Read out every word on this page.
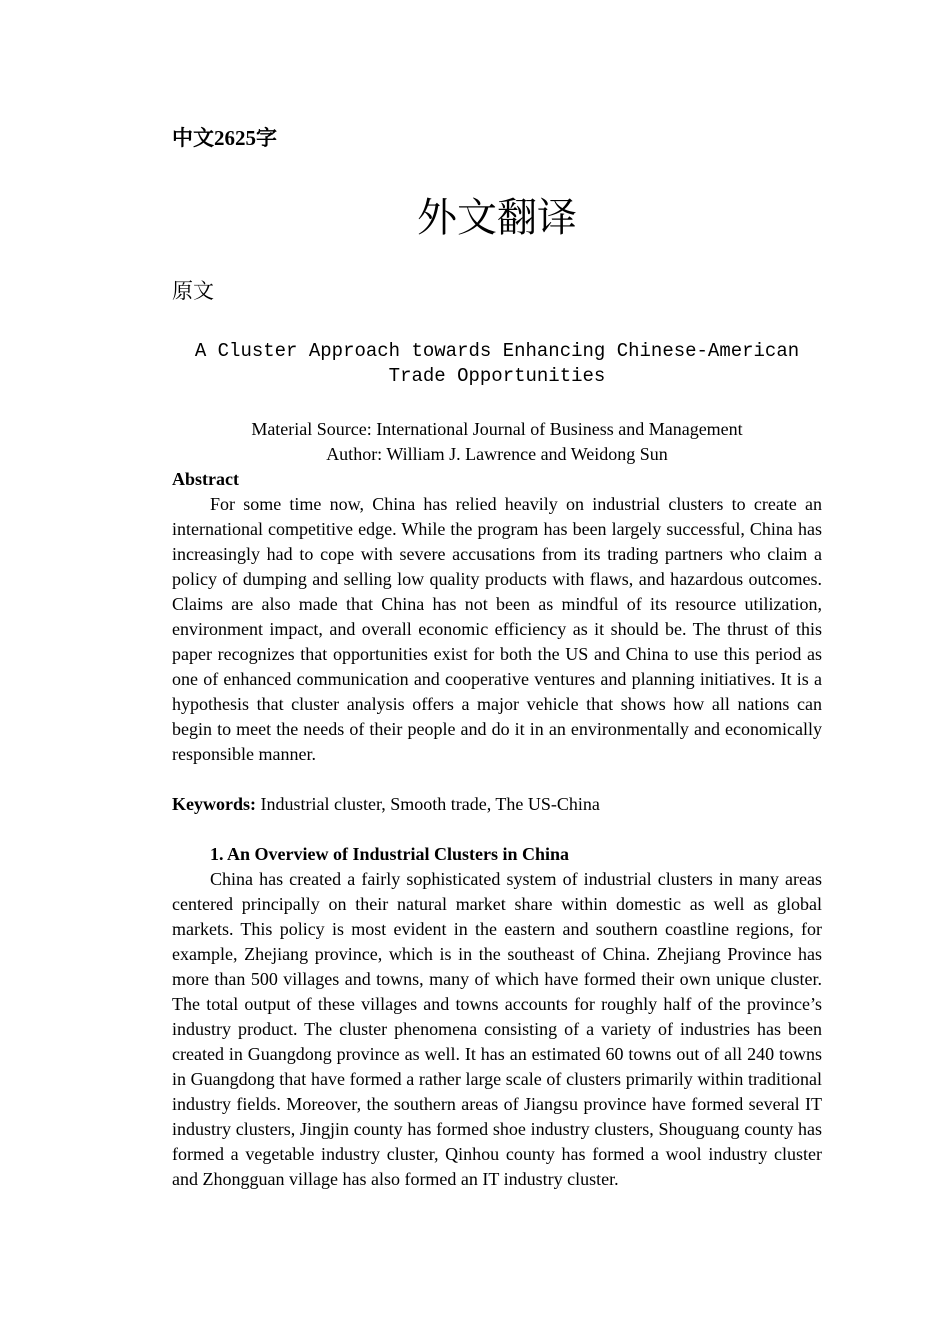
中文2625字
外文翻译
原文
A Cluster Approach towards Enhancing Chinese-American
Trade Opportunities
Material Source: International Journal of Business and Management
Author: William J. Lawrence and Weidong Sun

Abstract

For some time now, China has relied heavily on industrial clusters to create an international competitive edge. While the program has been largely successful, China has increasingly had to cope with severe accusations from its trading partners who claim a policy of dumping and selling low quality products with flaws, and hazardous outcomes. Claims are also made that China has not been as mindful of its resource utilization, environment impact, and overall economic efficiency as it should be. The thrust of this paper recognizes that opportunities exist for both the US and China to use this period as one of enhanced communication and cooperative ventures and planning initiatives. It is a hypothesis that cluster analysis offers a major vehicle that shows how all nations can begin to meet the needs of their people and do it in an environmentally and economically responsible manner.

Keywords: Industrial cluster, Smooth trade, The US-China

1. An Overview of Industrial Clusters in China

China has created a fairly sophisticated system of industrial clusters in many areas centered principally on their natural market share within domestic as well as global markets. This policy is most evident in the eastern and southern coastline regions, for example, Zhejiang province, which is in the southeast of China. Zhejiang Province has more than 500 villages and towns, many of which have formed their own unique cluster. The total output of these villages and towns accounts for roughly half of the province’s industry product. The cluster phenomena consisting of a variety of industries has been created in Guangdong province as well. It has an estimated 60 towns out of all 240 towns in Guangdong that have formed a rather large scale of clusters primarily within traditional industry fields. Moreover, the southern areas of Jiangsu province have formed several IT industry clusters, Jingjin county has formed shoe industry clusters, Shouguang county has formed a vegetable industry cluster, Qinhou county has formed a wool industry cluster and Zhongguan village has also formed an IT industry cluster.
